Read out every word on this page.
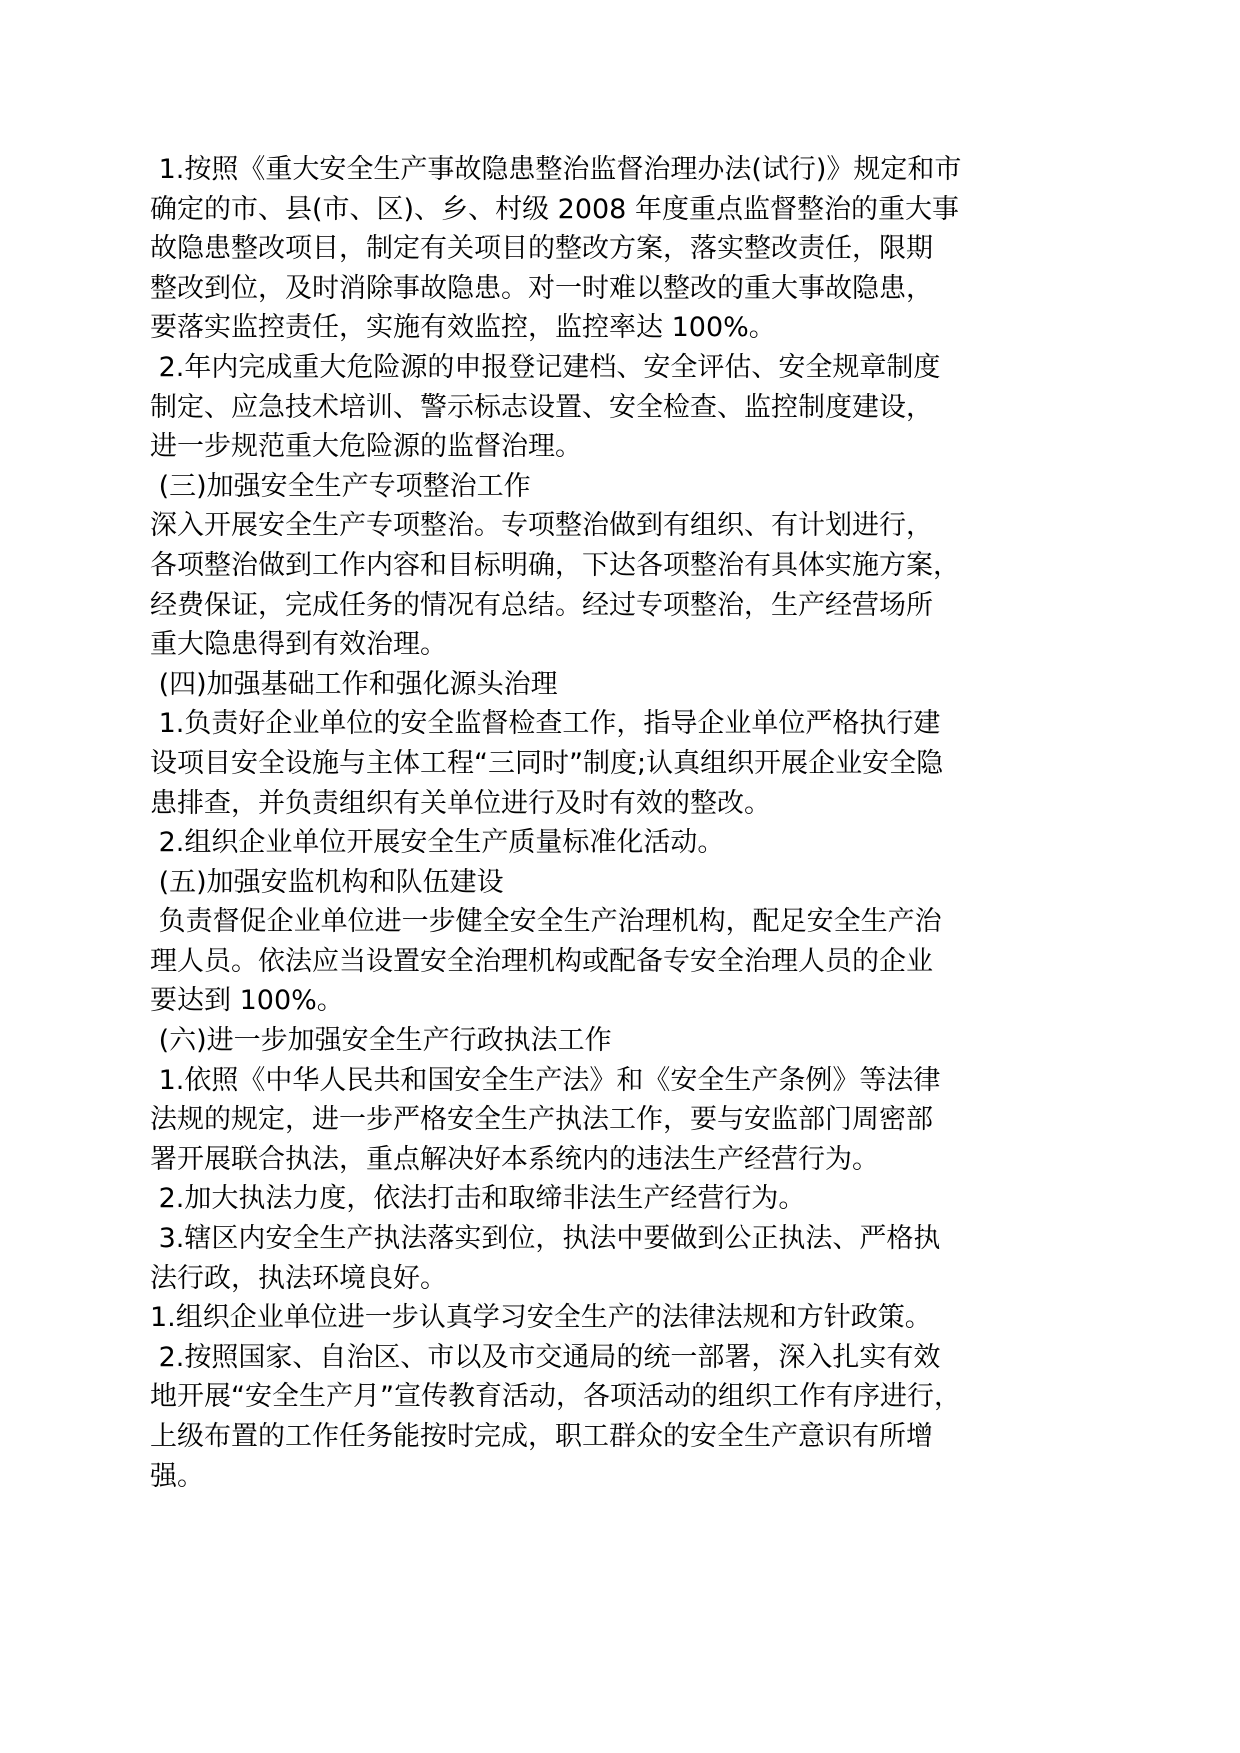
1.按照《重大安全生产事故隐患整治监督治理办法(试行)》规定和市
确定的市、县(市、区)、乡、村级 2008 年度重点监督整治的重大事
故隐患整改项目，制定有关项目的整改方案，落实整改责任，限期
整改到位，及时消除事故隐患。对一时难以整改的重大事故隐患，
要落实监控责任，实施有效监控，监控率达 100%。
2.年内完成重大危险源的申报登记建档、安全评估、安全规章制度
制定、应急技术培训、警示标志设置、安全检查、监控制度建设，
进一步规范重大危险源的监督治理。
(三)加强安全生产专项整治工作
深入开展安全生产专项整治。专项整治做到有组织、有计划进行，
各项整治做到工作内容和目标明确，下达各项整治有具体实施方案，
经费保证，完成任务的情况有总结。经过专项整治，生产经营场所
重大隐患得到有效治理。
(四)加强基础工作和强化源头治理
1.负责好企业单位的安全监督检查工作，指导企业单位严格执行建
设项目安全设施与主体工程“三同时”制度;认真组织开展企业安全隐
患排查，并负责组织有关单位进行及时有效的整改。
2.组织企业单位开展安全生产质量标准化活动。
(五)加强安监机构和队伍建设
负责督促企业单位进一步健全安全生产治理机构，配足安全生产治
理人员。依法应当设置安全治理机构或配备专安全治理人员的企业
要达到 100%。
(六)进一步加强安全生产行政执法工作
1.依照《中华人民共和国安全生产法》和《安全生产条例》等法律
法规的规定，进一步严格安全生产执法工作，要与安监部门周密部
署开展联合执法，重点解决好本系统内的违法生产经营行为。
2.加大执法力度，依法打击和取缔非法生产经营行为。
3.辖区内安全生产执法落实到位，执法中要做到公正执法、严格执
法行政，执法环境良好。
1.组织企业单位进一步认真学习安全生产的法律法规和方针政策。
2.按照国家、自治区、市以及市交通局的统一部署，深入扎实有效
地开展“安全生产月”宣传教育活动，各项活动的组织工作有序进行，
上级布置的工作任务能按时完成，职工群众的安全生产意识有所增
强。
